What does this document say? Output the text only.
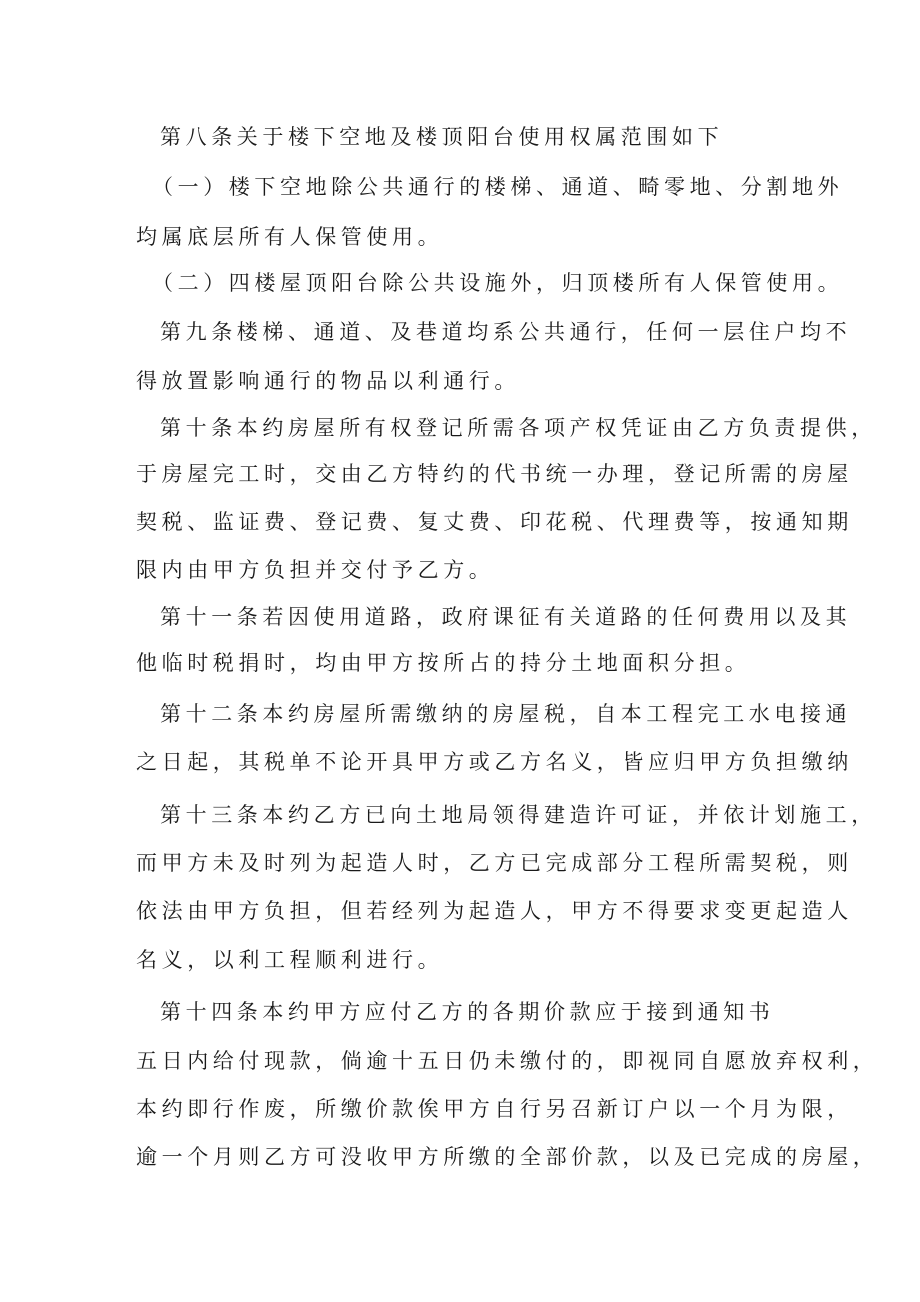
第八条关于楼下空地及楼顶阳台使用权属范围如下
（一）楼下空地除公共通行的楼梯、通道、畸零地、分割地外
均属底层所有人保管使用。
（二）四楼屋顶阳台除公共设施外，归顶楼所有人保管使用。
第九条楼梯、通道、及巷道均系公共通行，任何一层住户均不
得放置影响通行的物品以利通行。
第十条本约房屋所有权登记所需各项产权凭证由乙方负责提供，
于房屋完工时，交由乙方特约的代书统一办理，登记所需的房屋
契税、监证费、登记费、复丈费、印花税、代理费等，按通知期
限内由甲方负担并交付予乙方。
第十一条若因使用道路，政府课征有关道路的任何费用以及其
他临时税捐时，均由甲方按所占的持分土地面积分担。
第十二条本约房屋所需缴纳的房屋税，自本工程完工水电接通
之日起，其税单不论开具甲方或乙方名义，皆应归甲方负担缴纳
第十三条本约乙方已向土地局领得建造许可证，并依计划施工，
而甲方未及时列为起造人时，乙方已完成部分工程所需契税，则
依法由甲方负担，但若经列为起造人，甲方不得要求变更起造人
名义，以利工程顺利进行。
第十四条本约甲方应付乙方的各期价款应于接到通知书
五日内给付现款，倘逾十五日仍未缴付的，即视同自愿放弃权利，
本约即行作废，所缴价款俟甲方自行另召新订户以一个月为限，
逾一个月则乙方可没收甲方所缴的全部价款，以及已完成的房屋，
